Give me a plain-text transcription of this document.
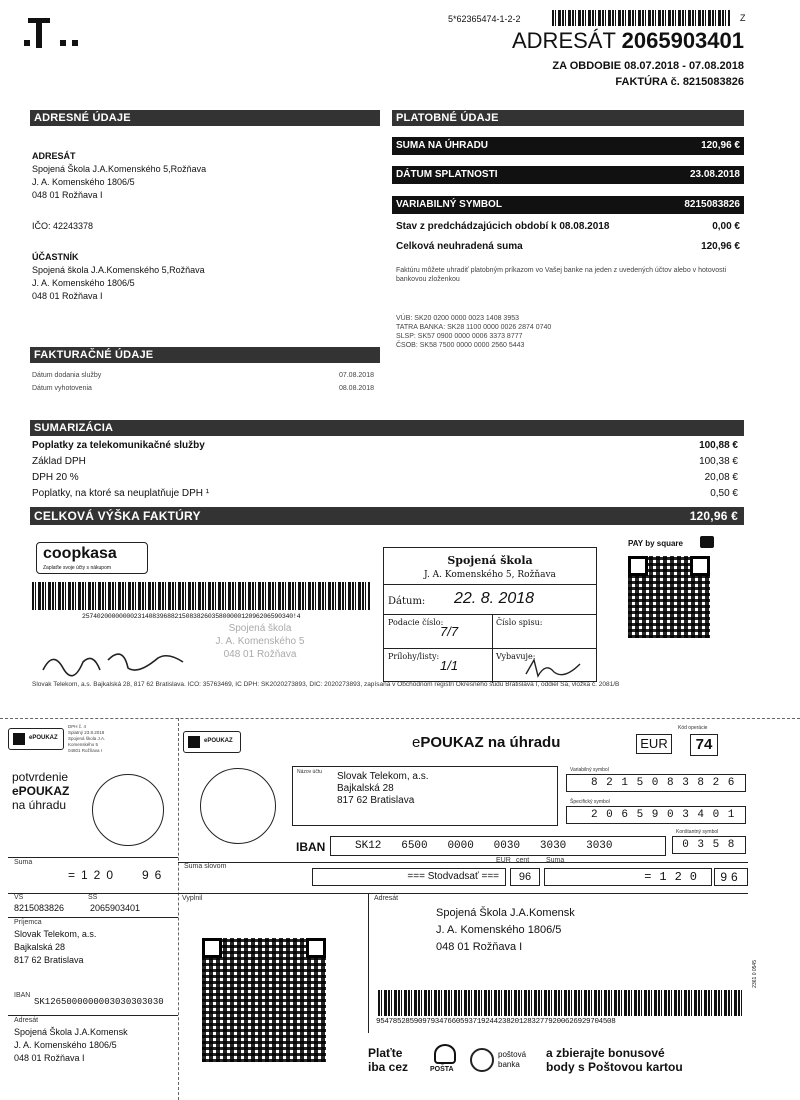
5*62365474-1-2-2	Z
ADRESÁT 2065903401
ZA OBDOBIE 08.07.2018 - 07.08.2018
FAKTÚRA č. 8215083826
ADRESNÉ ÚDAJE
ADRESÁT
Spojená Škola J.A.Komenského 5,Rožňava
J. A. Komenského 1806/5
048 01 Rožňava I
IČO: 42243378
ÚČASTNÍK
Spojená škola J.A.Komenského 5,Rožňava
J. A. Komenského 1806/5
048 01 Rožňava I
PLATOBNÉ ÚDAJE
SUMA NA ÚHRADU	120,96 €
DÁTUM SPLATNOSTI	23.08.2018
VARIABILNÝ SYMBOL	8215083826
Stav z predchádzajúcich období k 08.08.2018	0,00 €
Celková neuhradená suma	120,96 €
Faktúru môžete uhradiť platobným príkazom vo Vašej banke na jeden z uvedených účtov alebo v hotovosti bankovou zloženkou
VÚB: SK20 0200 0000 0023 1408 3953
TATRA BANKA: SK28 1100 0000 0026 2874 0740
SLSP: SK57 0900 0000 0006 3373 8777
ČSOB: SK58 7500 0000 0000 2560 5443
FAKTURAČNÉ ÚDAJE
Dátum dodania služby	07.08.2018
Dátum vyhotovenia	08.08.2018
SUMARIZÁCIA
Poplatky za telekomunikačné služby	100,88 €
Základ DPH	100,38 €
DPH 20 %	20,08 €
Poplatky, na ktoré sa neuplatňuje DPH ¹	0,50 €
CELKOVÁ VÝŠKA FAKTÚRY	120,96 €
coopkasa
Zaplaťte svoje účty s nákupom
257402000000002314083968821508382603580000012096206590340!4
Spojená škola
J. A. Komenského 5
048 01 Rožňava
Spojená škola
J. A. Komenského 5, Rožňava
Dátum: 22. 8. 2018
Podacie číslo:
7/7
Číslo spisu:
Prílohy/listy:
1/1
Vybavuje:
PAY by square
Slovak Telekom, a.s. Bajkalská 28, 817 62 Bratislava. IČO: 35763469, IČ DPH: SK2020273893, DIČ: 2020273893, zapísaná v Obchodnom registri Okresného súdu Bratislava I, oddiel Sa, vložka č. 2081/B
ePOUKAZ
DPH č. 4
Splatný 23.8.2018
Spojená škola J.A.
Komenského 5
04801 Rožňava I
potvrdenie
ePOUKAZ
na úhradu
Suma
=120 96
VS	SS
8215083826	2065903401
Príjemca
Slovak Telekom, a.s.
Bajkalská 28
817 62 Bratislava
IBAN
SK1265000000003030303030
Adresát
Spojená Škola J.A.Komensk
J. A. Komenského 1806/5
048 01 Rožňava I
ePOUKAZ	ePOUKAZ na úhradu	EUR
Kód operácie
74
Názov účtu Slovak Telekom, a.s.
Bajkalská 28
817 62 Bratislava
Variabilný symbol
8215083826
Špecifický symbol
2065903401
IBAN	SK12 6500 0000 0030 3030 3030
Konštantný symbol
0358
Suma slovom
Suma
EUR cent
=== Stodvadsať ===	96	=120	96
Vyplnil	Adresát
Spojená Škola J.A.Komensk
J. A. Komenského 1806/5
048 01 Rožňava I
954785285909793476605937192442382012832779200626929704508
2361 0 0545
Plaťte
iba cez	POŠTA
poštová
banka
a zbierajte bonusové
body s Poštovou kartou
